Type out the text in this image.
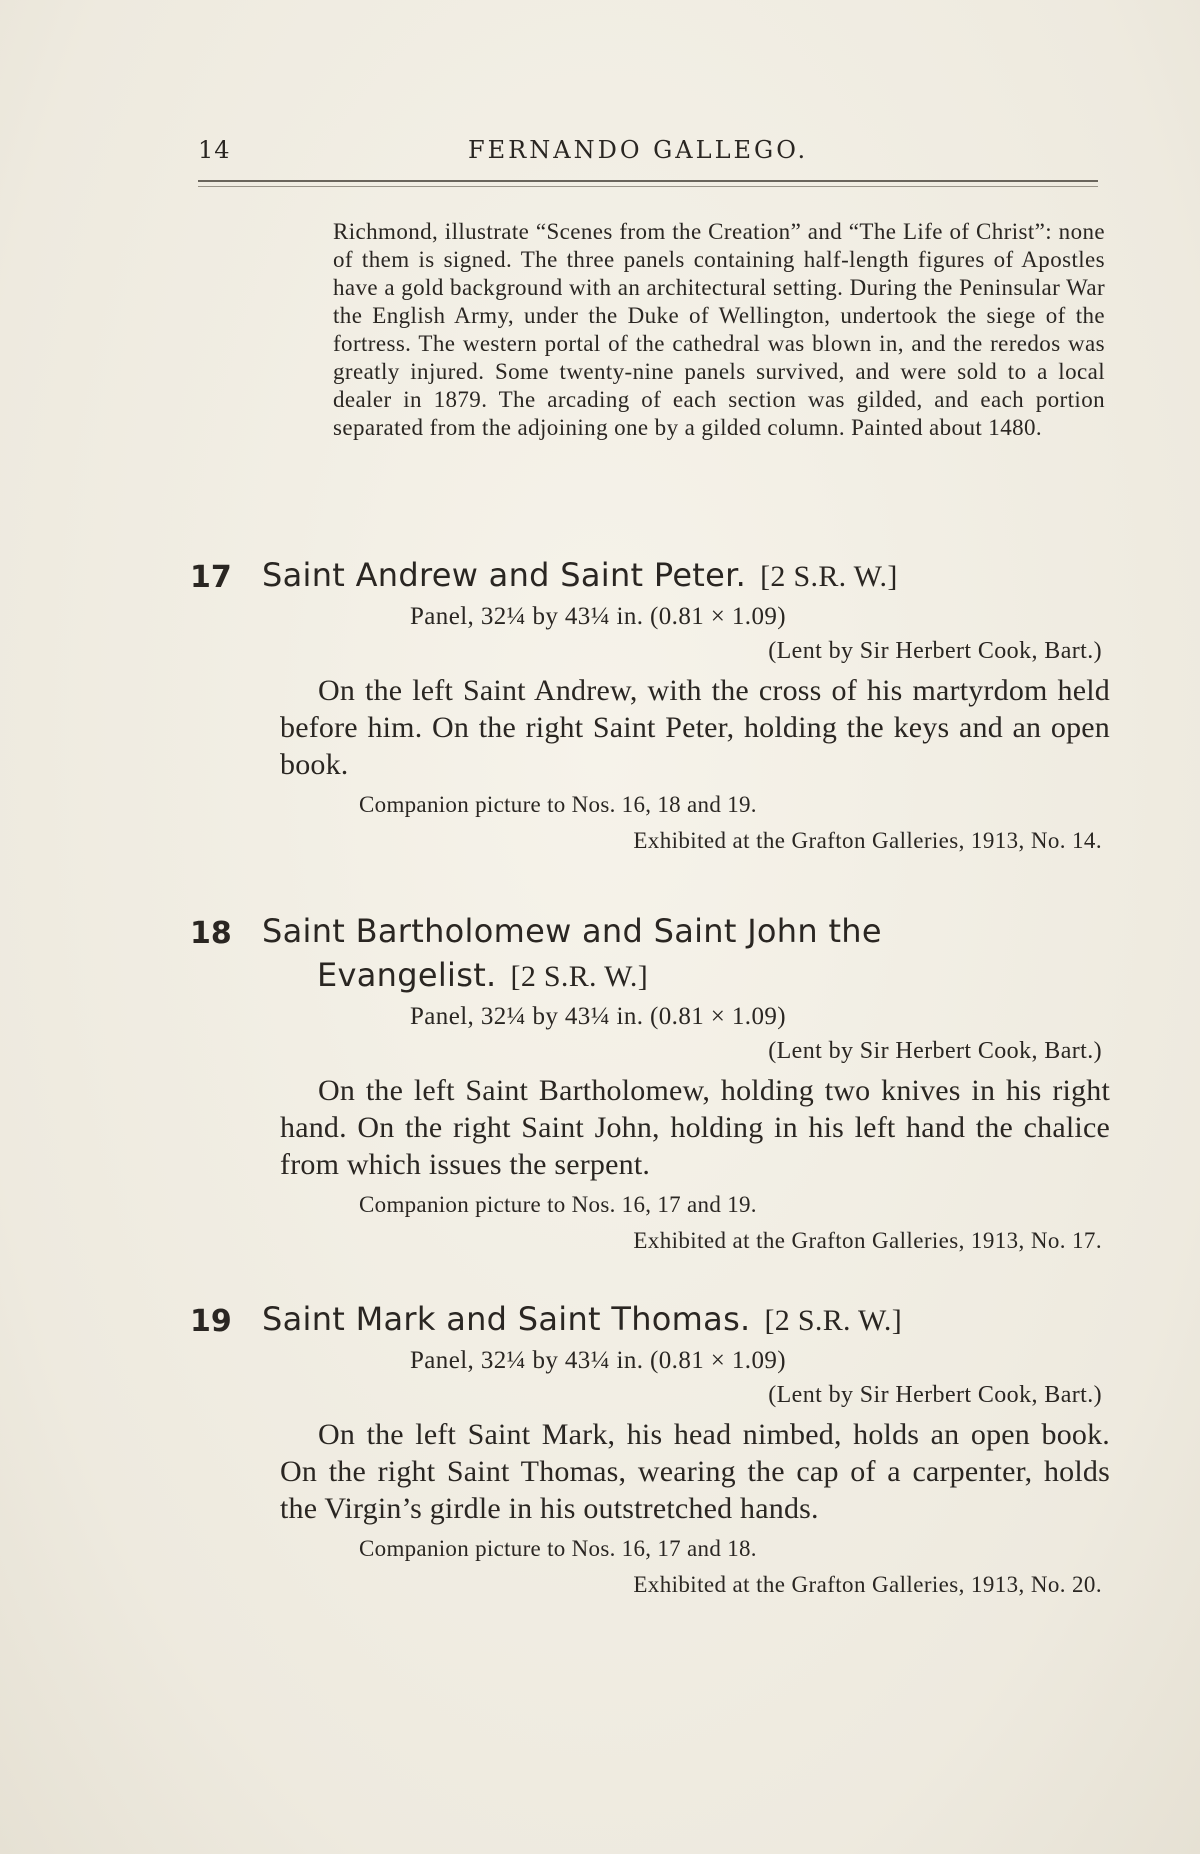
14	FERNANDO GALLEGO.

Richmond, illustrate “Scenes from the Creation” and “The Life of Christ”: none of them is signed. The three panels containing half-length figures of Apostles have a gold background with an architectural setting. During the Peninsular War the English Army, under the Duke of Wellington, undertook the siege of the fortress. The western portal of the cathedral was blown in, and the reredos was greatly injured. Some twenty-nine panels survived, and were sold to a local dealer in 1879. The arcading of each section was gilded, and each portion separated from the adjoining one by a gilded column. Painted about 1480.

17 Saint Andrew and Saint Peter. [2 S.R. W.]
Panel, 32¼ by 43¼ in. (0.81 × 1.09)
(Lent by Sir Herbert Cook, Bart.)
On the left Saint Andrew, with the cross of his martyrdom held before him. On the right Saint Peter, holding the keys and an open book.
Companion picture to Nos. 16, 18 and 19.
Exhibited at the Grafton Galleries, 1913, No. 14.
18 Saint Bartholomew and Saint John the
Evangelist. [2 S.R. W.]
Panel, 32¼ by 43¼ in. (0.81 × 1.09)
(Lent by Sir Herbert Cook, Bart.)
On the left Saint Bartholomew, holding two knives in his right hand. On the right Saint John, holding in his left hand the chalice from which issues the serpent.
Companion picture to Nos. 16, 17 and 19.
Exhibited at the Grafton Galleries, 1913, No. 17.
19 Saint Mark and Saint Thomas. [2 S.R. W.]
Panel, 32¼ by 43¼ in. (0.81 × 1.09)
(Lent by Sir Herbert Cook, Bart.)
On the left Saint Mark, his head nimbed, holds an open book. On the right Saint Thomas, wearing the cap of a carpenter, holds the Virgin’s girdle in his outstretched hands.
Companion picture to Nos. 16, 17 and 18.
Exhibited at the Grafton Galleries, 1913, No. 20.
